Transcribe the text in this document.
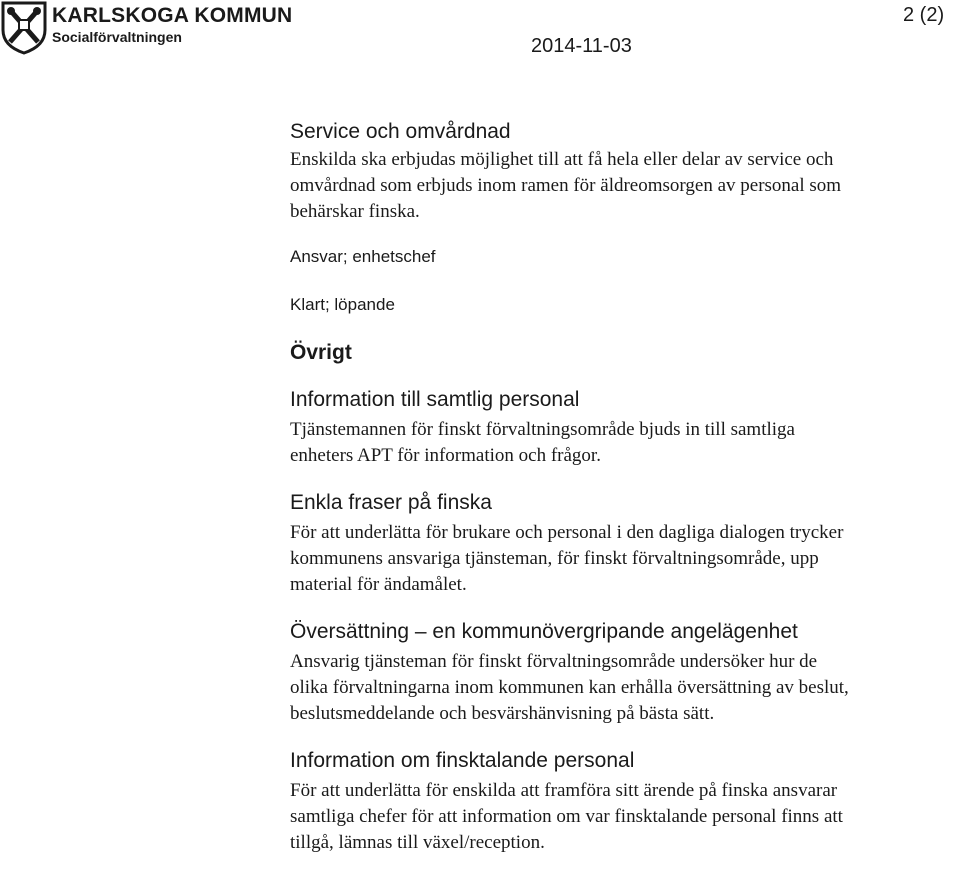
KARLSKOGA KOMMUN
Socialförvaltningen	2014-11-03
2 (2)

Service och omvårdnad

Enskilda ska erbjudas möjlighet till att få hela eller delar av service och

omvårdnad som erbjuds inom ramen för äldreomsorgen av personal som

behärskar finska.

Ansvar; enhetschef

Klart; löpande

Övrigt

Information till samtlig personal

Tjänstemannen för finskt förvaltningsområde bjuds in till samtliga

enheters APT för information och frågor.

Enkla fraser på finska

För att underlätta för brukare och personal i den dagliga dialogen trycker

kommunens ansvariga tjänsteman, för finskt förvaltningsområde, upp

material för ändamålet.

Översättning – en kommunövergripande angelägenhet

Ansvarig tjänsteman för finskt förvaltningsområde undersöker hur de

olika förvaltningarna inom kommunen kan erhålla översättning av beslut,

beslutsmeddelande och besvärshänvisning på bästa sätt.

Information om finsktalande personal

För att underlätta för enskilda att framföra sitt ärende på finska ansvarar

samtliga chefer för att information om var finsktalande personal finns att

tillgå, lämnas till växel/reception.
